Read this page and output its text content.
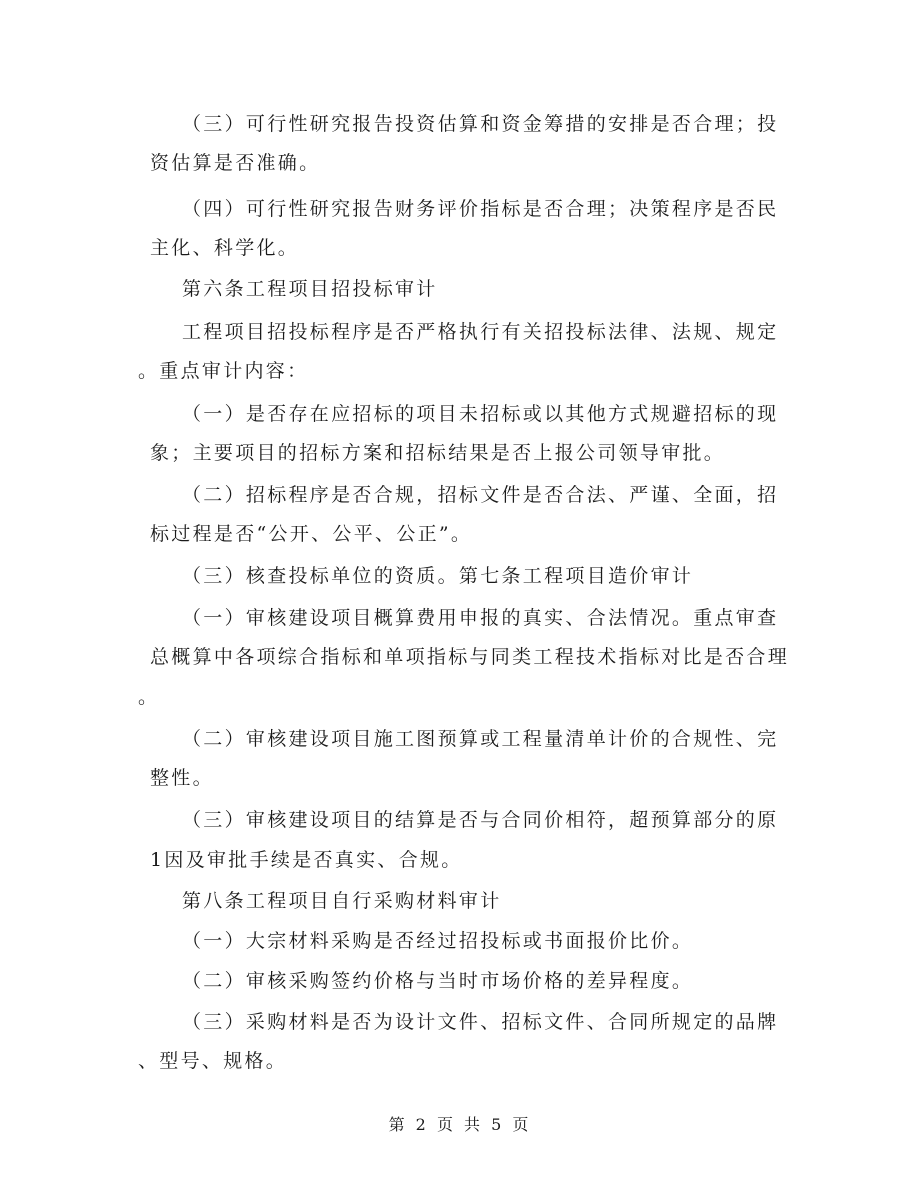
（三）可行性研究报告投资估算和资金筹措的安排是否合理；投
资估算是否准确。
（四）可行性研究报告财务评价指标是否合理；决策程序是否民
主化、科学化。
第六条工程项目招投标审计
工程项目招投标程序是否严格执行有关招投标法律、法规、规定
。重点审计内容：
（一）是否存在应招标的项目未招标或以其他方式规避招标的现
象；主要项目的招标方案和招标结果是否上报公司领导审批。
（二）招标程序是否合规，招标文件是否合法、严谨、全面，招
标过程是否“公开、公平、公正”。
（三）核查投标单位的资质。第七条工程项目造价审计
（一）审核建设项目概算费用申报的真实、合法情况。重点审查
总概算中各项综合指标和单项指标与同类工程技术指标对比是否合理
。
（二）审核建设项目施工图预算或工程量清单计价的合规性、完
整性。
（三）审核建设项目的结算是否与合同价相符，超预算部分的原
1因及审批手续是否真实、合规。
第八条工程项目自行采购材料审计
（一）大宗材料采购是否经过招投标或书面报价比价。
（二）审核采购签约价格与当时市场价格的差异程度。
（三）采购材料是否为设计文件、招标文件、合同所规定的品牌
、型号、规格。
第 2 页 共 5 页
